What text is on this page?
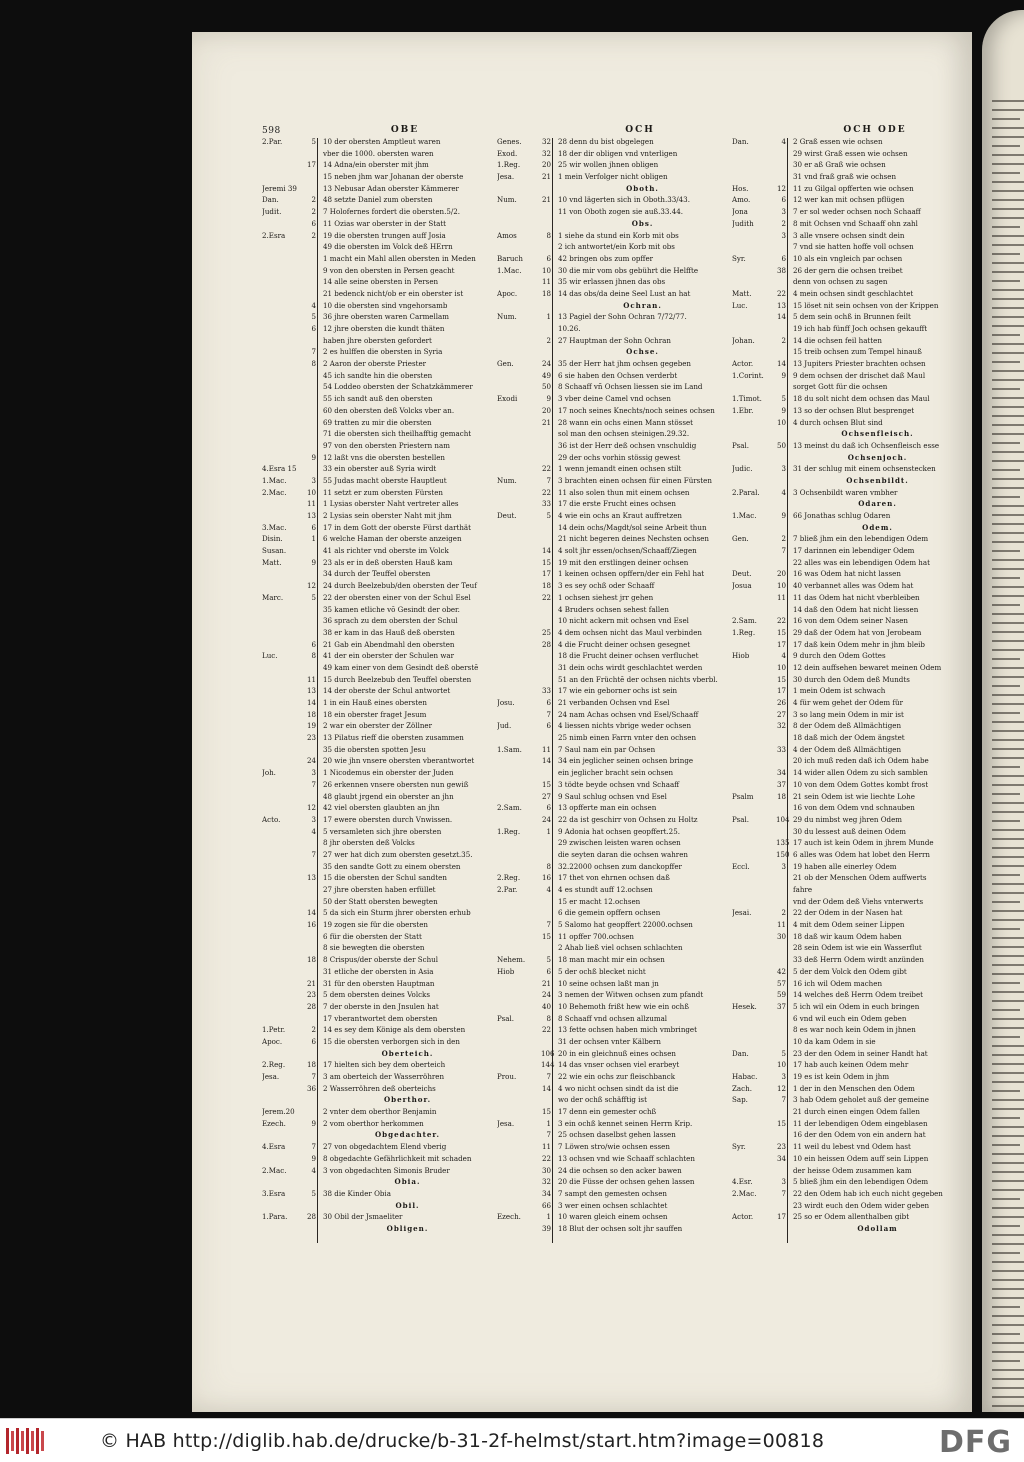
598	OBE
2.Par.	5 10 der obersten Amptleut waren
vber die 1000. obersten waren
17 14 Adna/ein oberster mit jhm
15 neben jhm war Johanan der oberste
Jeremi 39	13 Nebusar Adan oberster Kämmerer
Dan.	2 48 setzte Daniel zum obersten
Judit.	2 7 Holofernes fordert die obersten.5/2.
6 11 Ozias war oberster in der Statt
2.Esra	2 19 die obersten trungen auff Josia
49 die obersten im Volck deß HErrn
1 macht ein Mahl allen obersten in Meden
9 von den obersten in Persen geacht
14 alle seine obersten in Persen
21 bedenck nicht/ob er ein oberster ist
4 10 die obersten sind vngehorsamb
5 36 jhre obersten waren Carmellam
6 12 jhre obersten die kundt thäten
haben jhre obersten gefordert
7 2 es hulffen die obersten in Syria
8 2 Aaron der oberste Priester
45 ich sandte hin die obersten
54 Loddeo obersten der Schatzkämmerer
55 ich sandt auß den obersten
60 den obersten deß Volcks vber an.
69 tratten zu mir die obersten
71 die obersten sich theilhafftig gemacht
97 von den obersten Priestern nam
9 12 laßt vns die obersten bestellen
4.Esra 15	33 ein oberster auß Syria wirdt
1.Mac.	3 55 Judas macht oberste Hauptleut
2.Mac.	10 11 setzt er zum obersten Fürsten
11 1 Lysias oberster Naht vertreter alles
13 2 Lysias sein oberster Naht mit jhm
3.Mac.	6 17 in dem Gott der oberste Fürst darthät
Disin.	1 6 welche Haman der oberste anzeigen
Susan.	41 als richter vnd oberste im Volck
Matt.	9 23 als er in deß obersten Hauß kam
34 durch der Teuffel obersten
12 24 durch Beelzebub/den obersten der Teuf
Marc.	5 22 der obersten einer von der Schul Esel
35 kamen etliche vō Gesindt der ober.
36 sprach zu dem obersten der Schul
38 er kam in das Hauß deß obersten
6 21 Gab ein Abendmahl den obersten
Luc.	8 41 der ein oberster der Schulen war
49 kam einer von dem Gesindt deß oberstē
11 15 durch Beelzebub den Teuffel obersten
13 14 der oberste der Schul antwortet
14 1 in ein Hauß eines obersten
18 18 ein oberster fraget Jesum
19 2 war ein oberster der Zöllner
23 13 Pilatus rieff die obersten zusammen
35 die obersten spotten Jesu
24 20 wie jhn vnsere obersten vberantwortet
Joh.	3 1 Nicodemus ein oberster der Juden
7 26 erkennen vnsere obersten nun gewiß
48 glaubt jrgend ein oberster an jhn
12 42 viel obersten glaubten an jhn
Acto.	3 17 ewere obersten durch Vnwissen.
4 5 versamleten sich jhre obersten
8 jhr obersten deß Volcks
7 27 wer hat dich zum obersten gesetzt.35.
35 den sandte Gott zu einem obersten
13 15 die obersten der Schul sandten
27 jhre obersten haben erfüllet
50 der Statt obersten bewegten
14 5 da sich ein Sturm jhrer obersten erhub
16 19 zogen sie für die obersten
6 für die obersten der Statt
8 sie bewegten die obersten
18 8 Crispus/der oberste der Schul
31 etliche der obersten in Asia
21 31 für den obersten Hauptman
23 5 dem obersten deines Volcks
28 7 der oberste in den Jnsulen hat
17 vberantwortet dem obersten
1.Petr.	2 14 es sey dem Könige als dem obersten
Apoc.	6 15 die obersten verborgen sich in den
Oberteich.
2.Reg.	18 17 hielten sich bey dem oberteich
Jesa.	7 3 am oberteich der Wasserröhren
36 2 Wasserröhren deß oberteichs
Oberthor.
Jerem.20	2 vnter dem oberthor Benjamin
Ezech.	9 2 vom oberthor herkommen
Obgedachter.
4.Esra	7 27 von obgedachtem Elend vberig
9 8 obgedachte Gefährlichkeit mit schaden
2.Mac.	4 3 von obgedachten Simonis Bruder
Obia.
3.Esra	5 38 die Kinder Obia
Obil.
1.Para.	28 30 Obil der Jsmaeliter
Obligen.
OCH
Genes.	32 28 denn du bist obgelegen
Exod.	32 18 der dir obligen vnd vnterligen
1.Reg.	20 25 wir wollen jhnen obligen
Jesa.	21 1 mein Verfolger nicht obligen
Oboth.
Num.	21 10 vnd lägerten sich in Oboth.33/43.
11 von Oboth zogen sie auß.33.44.
Obs.
Amos	8 1 siehe da stund ein Korb mit obs
2 ich antwortet/ein Korb mit obs
Baruch	6 42 bringen obs zum opffer
1.Mac.	10 30 die mir vom obs gebührt die Helffte
11 35 wir erlassen jhnen das obs
Apoc.	18 14 das obs/da deine Seel Lust an hat
Ochran.
Num.	1 13 Pagiel der Sohn Ochran 7/72/77.
10.26.
2 27 Hauptman der Sohn Ochran
Ochse.
Gen.	24 35 der Herr hat jhm ochsen gegeben
49 6 sie haben den Ochsen verderbt
50 8 Schaaff vñ Ochsen liessen sie im Land
Exodi	9 3 vber deine Camel vnd ochsen
20 17 noch seines Knechts/noch seines ochsen
21 28 wann ein ochs einen Mann stösset
sol man den ochsen steinigen.29.32.
36 ist der Herr deß ochsen vnschuldig
29 der ochs vorhin stössig gewest
22 1 wenn jemandt einen ochsen stilt
Num.	7 3 brachten einen ochsen für einen Fürsten
22 11 also solen thun mit einem ochsen
33 17 die erste Frucht eines ochsen
Deut.	5 4 wie ein ochs an Kraut auffretzen
14 dein ochs/Magdt/sol seine Arbeit thun
21 nicht begeren deines Nechsten ochsen
14 4 solt jhr essen/ochsen/Schaaff/Ziegen
15 19 mit den erstlingen deiner ochsen
17 1 keinen ochsen opffern/der ein Fehl hat
18 3 es sey ochß oder Schaaff
22 1 ochsen siehest jrr gehen
4 Bruders ochsen sehest fallen
10 nicht ackern mit ochsen vnd Esel
25 4 dem ochsen nicht das Maul verbinden
28 4 die Frucht deiner ochsen gesegnet
18 die Frucht deiner ochsen verfluchet
31 dein ochs wirdt geschlachtet werden
51 an den Früchtē der ochsen nichts vberbl.
33 17 wie ein geborner ochs ist sein
Josu.	6 21 verbanden Ochsen vnd Esel
7 24 nam Achas ochsen vnd Esel/Schaaff
Jud.	6 4 liessen nichts vbrige weder ochsen
25 nimb einen Farrn vnter den ochsen
1.Sam.	11 7 Saul nam ein par Ochsen
14 34 ein jeglicher seinen ochsen bringe
ein jeglicher bracht sein ochsen
15 3 tödte beyde ochsen vnd Schaaff
27 9 Saul schlug ochsen vnd Esel
2.Sam.	6 13 opfferte man ein ochsen
24 22 da ist geschirr von Ochsen zu Holtz
1.Reg.	1 9 Adonia hat ochsen geopffert.25.
29 zwischen leisten waren ochsen
die seyten daran die ochsen wahren
8 32.22000 ochsen zum danckopffer
2.Reg.	16 17 thet von ehrnen ochsen daß
2.Par.	4 4 es stundt auff 12.ochsen
15 er macht 12.ochsen
6 die gemein opffern ochsen
7 5 Salomo hat geopffert 22000.ochsen
15 11 opffer 700.ochsen
2 Ahab ließ viel ochsen schlachten
Nehem.	5 18 man macht mir ein ochsen
Hiob	6 5 der ochß blecket nicht
21 10 seine ochsen laßt man jn
24 3 nemen der Witwen ochsen zum pfandt
40 10 Behemoth frißt hew wie ein ochß
Psal.	8 8 Schaaff vnd ochsen allzumal
22 13 fette ochsen haben mich vmbringet
31 der ochsen vnter Kälbern
106 20 in ein gleichnuß eines ochsen
144 14 das vnser ochsen viel erarbeyt
Prou.	7 22 wie ein ochs zur fleischbanck
14 4 wo nicht ochsen sindt da ist die
wo der ochß schäfftig ist
15 17 denn ein gemester ochß
Jesa.	1 3 ein ochß kennet seinen Herrn Krip.
7 25 ochsen daselbst gehen lassen
11 7 Löwen stro/wie ochsen essen
22 13 ochsen vnd wie Schaaff schlachten
30 24 die ochsen so den acker bawen
32 20 die Füsse der ochsen gehen lassen
34 7 sampt den gemesten ochsen
66 3 wer einen ochsen schlachtet
Ezech.	1 10 waren gleich einem ochsen
39 18 Blut der ochsen solt jhr sauffen
OCH ODE
Dan.	4 2 Graß essen wie ochsen
29 wirst Graß essen wie ochsen
30 er aß Graß wie ochsen
31 vnd fraß graß wie ochsen
Hos.	12 11 zu Gilgal opfferten wie ochsen
Amo.	6 12 wer kan mit ochsen pflügen
Jona	3 7 er sol weder ochsen noch Schaaff
Judith	2 8 mit Ochsen vnd Schaaff ohn zahl
3 3 alle vnsere ochsen sindt dein
7 vnd sie hatten hoffe voll ochsen
Syr.	6 10 als ein vngleich par ochsen
38 26 der gern die ochsen treibet
denn von ochsen zu sagen
Matt.	22 4 mein ochsen sindt geschlachtet
Luc.	13 15 löset nit sein ochsen von der Krippen
14 5 dem sein ochß in Brunnen feilt
19 ich hab fünff Joch ochsen gekaufft
Johan.	2 14 die ochsen feil hatten
15 treib ochsen zum Tempel hinauß
Actor.	14 13 Jupiters Priester brachten ochsen
1.Corint.	9 9 dem ochsen der drischet daß Maul
sorget Gott für die ochsen
1.Timot.	5 18 du solt nicht dem ochsen das Maul
1.Ebr.	9 13 so der ochsen Blut besprenget
10 4 durch ochsen Blut sind
Ochsenfleisch.
Psal.	50 13 meinst du daß ich Ochsenfleisch esse
Ochsenjoch.
Judic.	3 31 der schlug mit einem ochsenstecken
Ochsenbildt.
2.Paral.	4 3 Ochsenbildt waren vmbher
Odaren.
1.Mac.	9 66 Jonathas schlug Odaren
Odem.
Gen.	2 7 bließ jhm ein den lebendigen Odem
7 17 darinnen ein lebendiger Odem
22 alles was ein lebendigen Odem hat
Deut.	20 16 was Odem hat nicht lassen
Josua	10 40 verbannet alles was Odem hat
11 11 das Odem hat nicht vberbleiben
14 daß den Odem hat nicht liessen
2.Sam.	22 16 von dem Odem seiner Nasen
1.Reg.	15 29 daß der Odem hat von Jerobeam
17 17 daß kein Odem mehr in jhm bleib
Hiob	4 9 durch den Odem Gottes
10 12 dein auffsehen bewaret meinen Odem
15 30 durch den Odem deß Mundts
17 1 mein Odem ist schwach
26 4 für wem gehet der Odem für
27 3 so lang mein Odem in mir ist
32 8 der Odem deß Allmächtigen
18 daß mich der Odem ängstet
33 4 der Odem deß Allmächtigen
20 ich muß reden daß ich Odem habe
34 14 wider allen Odem zu sich samblen
37 10 von dem Odem Gottes kombt frost
Psalm	18 21 sein Odem ist wie liechte Lohe
16 von dem Odem vnd schnauben
Psal.	104 29 du nimbst weg jhren Odem
30 du lessest auß deinen Odem
135 17 auch ist kein Odem in jhrem Munde
150 6 alles was Odem hat lobet den Herrn
Eccl.	3 19 haben alle einerley Odem
21 ob der Menschen Odem auffwerts
fahre
vnd der Odem deß Viehs vnterwerts
Jesai.	2 22 der Odem in der Nasen hat
11 4 mit dem Odem seiner Lippen
30 18 daß wir kaum Odem haben
28 sein Odem ist wie ein Wasserflut
33 deß Herrn Odem wirdt anzünden
42 5 der dem Volck den Odem gibt
57 16 ich wil Odem machen
59 14 welches deß Herrn Odem treibet
Hesek.	37 5 ich wil ein Odem in euch bringen
6 vnd wil euch ein Odem geben
8 es war noch kein Odem in jhnen
10 da kam Odem in sie
Dan.	5 23 der den Odem in seiner Handt hat
10 17 hab auch keinen Odem mehr
Habac.	3 19 es ist kein Odem in jhm
Zach.	12 1 der in den Menschen den Odem
Sap.	7 3 hab Odem geholet auß der gemeine
21 durch einen eingen Odem fallen
15 11 der lebendigen Odem eingeblasen
16 der den Odem von ein andern hat
Syr.	23 11 weil du lebest vnd Odem hast
34 10 ein heissen Odem auff sein Lippen
der heisse Odem zusammen kam
4.Esr.	3 5 bließ jhm ein den lebendigen Odem
2.Mac.	7 22 den Odem hab ich euch nicht gegeben
23 wirdt euch den Odem wider geben
Actor.	17 25 so er Odem allenthalben gibt
Odollam
© HAB http://diglib.hab.de/drucke/b-31-2f-helmst/start.htm?image=00818	DFG
